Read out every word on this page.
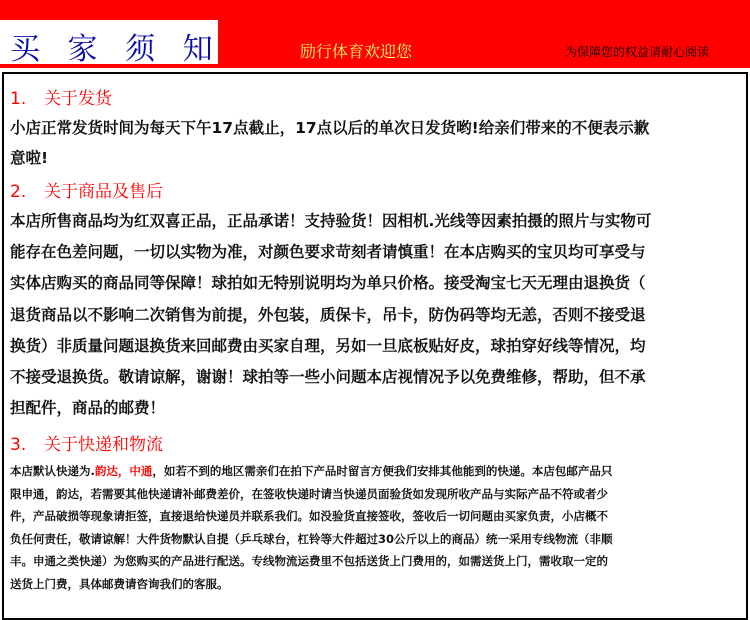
买 家 须 知	励行体育欢迎您	为保障您的权益请耐心阅读
1. 关于发货
小店正常发货时间为每天下午17点截止，17点以后的单次日发货哟!给亲们带来的不便表示歉
意啦!
2. 关于商品及售后
本店所售商品均为红双喜正品，正品承诺！支持验货！因相机.光线等因素拍摄的照片与实物可
能存在色差问题，一切以实物为准，对颜色要求苛刻者请慎重！在本店购买的宝贝均可享受与
实体店购买的商品同等保障！球拍如无特别说明均为单只价格。接受淘宝七天无理由退换货（
退货商品以不影响二次销售为前提，外包装，质保卡，吊卡，防伪码等均无恙，否则不接受退
换货）非质量问题退换货来回邮费由买家自理，另如一旦底板贴好皮，球拍穿好线等情况，均
不接受退换货。敬请谅解，谢谢！球拍等一些小问题本店视情况予以免费维修，帮助，但不承
担配件，商品的邮费！
3. 关于快递和物流
本店默认快递为.韵达，中通，如若不到的地区需亲们在拍下产品时留言方便我们安排其他能到的快递。本店包邮产品只
限申通，韵达，若需要其他快递请补邮费差价，在签收快递时请当快递员面验货如发现所收产品与实际产品不符或者少
件，产品破损等现象请拒签，直接退给快递员并联系我们。如没验货直接签收，签收后一切问题由买家负责，小店概不
负任何责任，敬请谅解！大件货物默认自提（乒乓球台，杠铃等大件超过30公斤以上的商品）统一采用专线物流（非顺
丰。申通之类快递）为您购买的产品进行配送。专线物流运费里不包括送货上门费用的，如需送货上门，需收取一定的
送货上门费，具体邮费请咨询我们的客服。
